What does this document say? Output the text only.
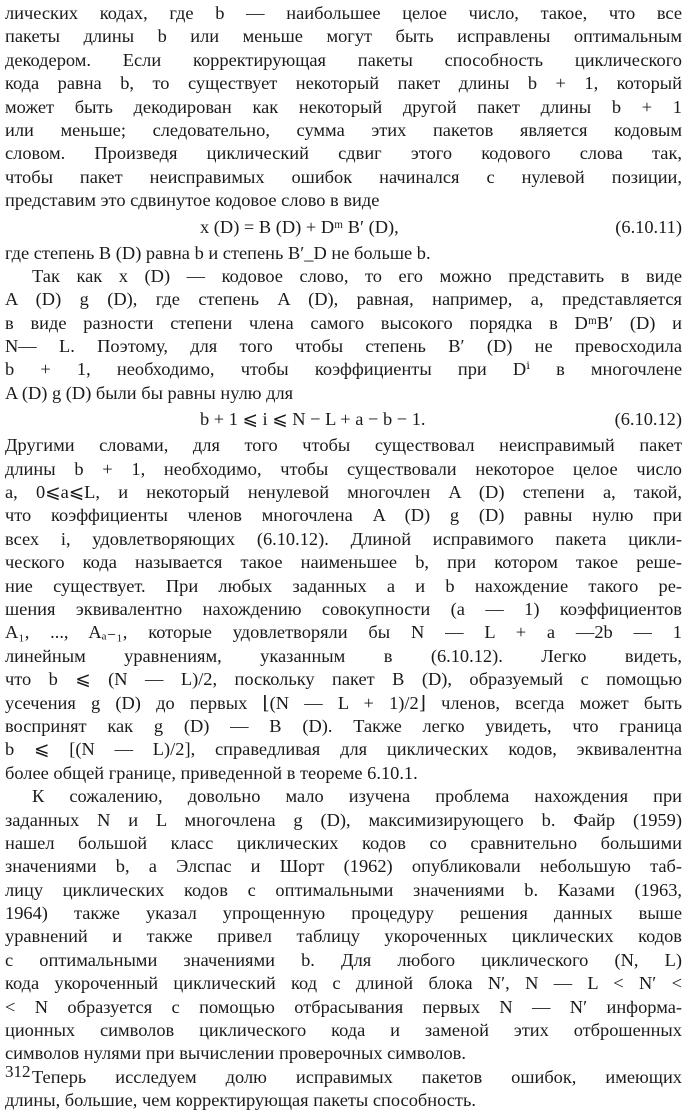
лических кодах, где b — наибольшее целое число, такое, что все
пакеты длины b или меньше могут быть исправлены оптимальным
декодером. Если корректирующая пакеты способность циклического
кода равна b, то существует некоторый пакет длины b + 1, который
может быть декодирован как некоторый другой пакет длины b + 1
или меньше; следовательно, сумма этих пакетов является кодовым
словом. Произведя циклический сдвиг этого кодового слова так,
чтобы пакет неисправимых ошибок начинался с нулевой позиции,
представим это сдвинутое кодовое слово в виде
x (D) = B (D) + Dᵐ B′ (D),	(6.10.11)
где степень B (D) равна b и степень B′_D не больше b.
Так как x (D) — кодовое слово, то его можно представить в виде
A (D) g (D), где степень A (D), равная, например, a, представляется
в виде разности степени члена самого высокого порядка в DᵐB′ (D) и
N— L. Поэтому, для того чтобы степень B′ (D) не превосходила
b + 1, необходимо, чтобы коэффициенты при Dⁱ в многочлене
A (D) g (D) были бы равны нулю для
b + 1 ⩽ i ⩽ N − L + a − b − 1.	(6.10.12)
Другими словами, для того чтобы существовал неисправимый пакет
длины b + 1, необходимо, чтобы существовали некоторое целое число
a, 0⩽a⩽L, и некоторый ненулевой многочлен A (D) степени a, такой,
что коэффициенты членов многочлена A (D) g (D) равны нулю при
всех i, удовлетворяющих (6.10.12). Длиной исправимого пакета цикли-
ческого кода называется такое наименьшее b, при котором такое реше-
ние существует. При любых заданных a и b нахождение такого ре-
шения эквивалентно нахождению совокупности (a — 1) коэффициентов
A₁, ..., Aₐ₋₁, которые удовлетворяли бы N — L + a —2b — 1
линейным уравнениям, указанным в (6.10.12). Легко видеть,
что b ⩽ (N — L)/2, поскольку пакет B (D), образуемый с помощью
усечения g (D) до первых ⌊(N — L + 1)/2⌋ членов, всегда может быть
воспринят как g (D) — B (D). Также легко увидеть, что граница
b ⩽ [(N — L)/2], справедливая для циклических кодов, эквивалентна
более общей границе, приведенной в теореме 6.10.1.
К сожалению, довольно мало изучена проблема нахождения при
заданных N и L многочлена g (D), максимизирующего b. Файр (1959)
нашел большой класс циклических кодов со сравнительно большими
значениями b, а Элспас и Шорт (1962) опубликовали небольшую таб-
лицу циклических кодов с оптимальными значениями b. Казами (1963,
1964) также указал упрощенную процедуру решения данных выше
уравнений и также привел таблицу укороченных циклических кодов
с оптимальными значениями b. Для любого циклического (N, L)
кода укороченный циклический код с длиной блока N′, N — L < N′ <
< N образуется с помощью отбрасывания первых N — N′ информа-
ционных символов циклического кода и заменой этих отброшенных
символов нулями при вычислении проверочных символов.
Теперь исследуем долю исправимых пакетов ошибок, имеющих
длины, большие, чем корректирующая пакеты способность.
312
